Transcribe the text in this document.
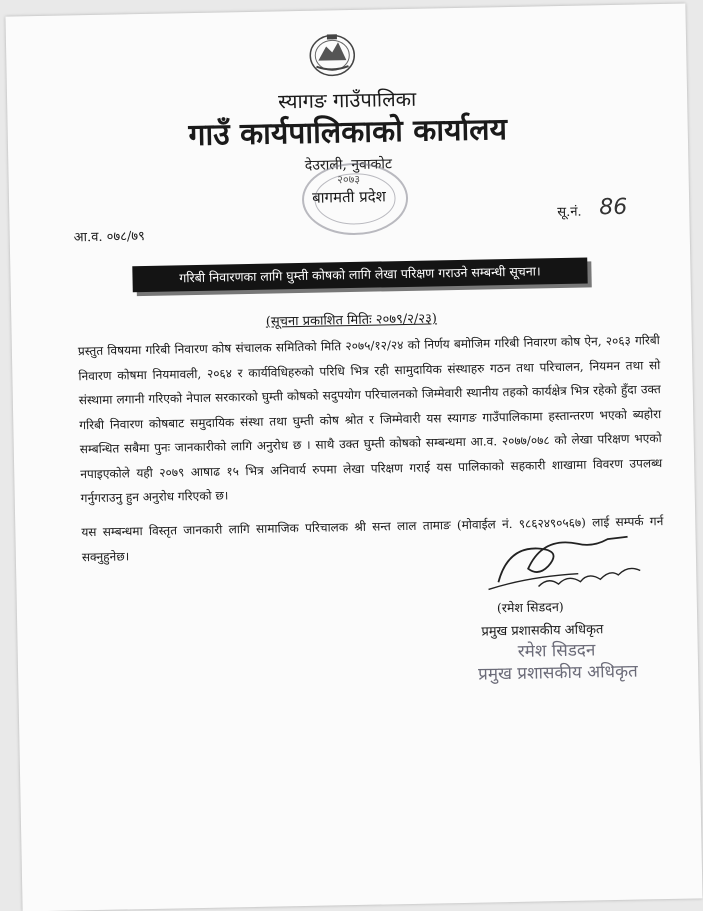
स्यागङ गाउँपालिका
गाउँ कार्यपालिकाको कार्यालय
देउराली, नुवाकोट
२०७३
बागमती प्रदेश
आ.व. ०७८/७९
सू.नं. 86
गरिबी निवारणका लागि घुम्ती कोषको लागि लेखा परिक्षण गराउने सम्बन्धी सूचना।
(सूचना प्रकाशित मितिः २०७९/२/२३)
प्रस्तुत विषयमा गरिबी निवारण कोष संचालक समितिको मिति २०७५/१२/२४ को निर्णय बमोजिम गरिबी निवारण कोष ऐन, २०६३ गरिबी निवारण कोषमा नियमावली, २०६४ र कार्यविधिहरुको परिधि भित्र रही सामुदायिक संस्थाहरु गठन तथा परिचालन, नियमन तथा सो संस्थामा लगानी गरिएको नेपाल सरकारको घुम्ती कोषको सदुपयोग परिचालनको जिम्मेवारी स्थानीय तहको कार्यक्षेत्र भित्र रहेको हुँदा उक्त गरिबी निवारण कोषबाट समुदायिक संस्था तथा घुम्ती कोष श्रोत र जिम्मेवारी यस स्यागङ गाउँपालिकामा हस्तान्तरण भएको ब्यहोरा सम्बन्धित सबैमा पुनः जानकारीको लागि अनुरोध छ । साथै उक्त घुम्ती कोषको सम्बन्धमा आ.व. २०७७/०७८ को लेखा परिक्षण भएको नपाइएकोले यही २०७९ आषाढ १५ भित्र अनिवार्य रुपमा लेखा परिक्षण गराई यस पालिकाको सहकारी शाखामा विवरण उपलब्ध गर्नुगराउनु हुन अनुरोध गरिएको छ।
यस सम्बन्धमा विस्तृत जानकारी लागि सामाजिक परिचालक श्री सन्त लाल तामाङ (मोवाईल नं. ९८६२४९०५६७) लाई सम्पर्क गर्न सक्नुहुनेछ।
(रमेश सिडदन)
प्रमुख प्रशासकीय अधिकृत
रमेश सिडदन
प्रमुख प्रशासकीय अधिकृत
